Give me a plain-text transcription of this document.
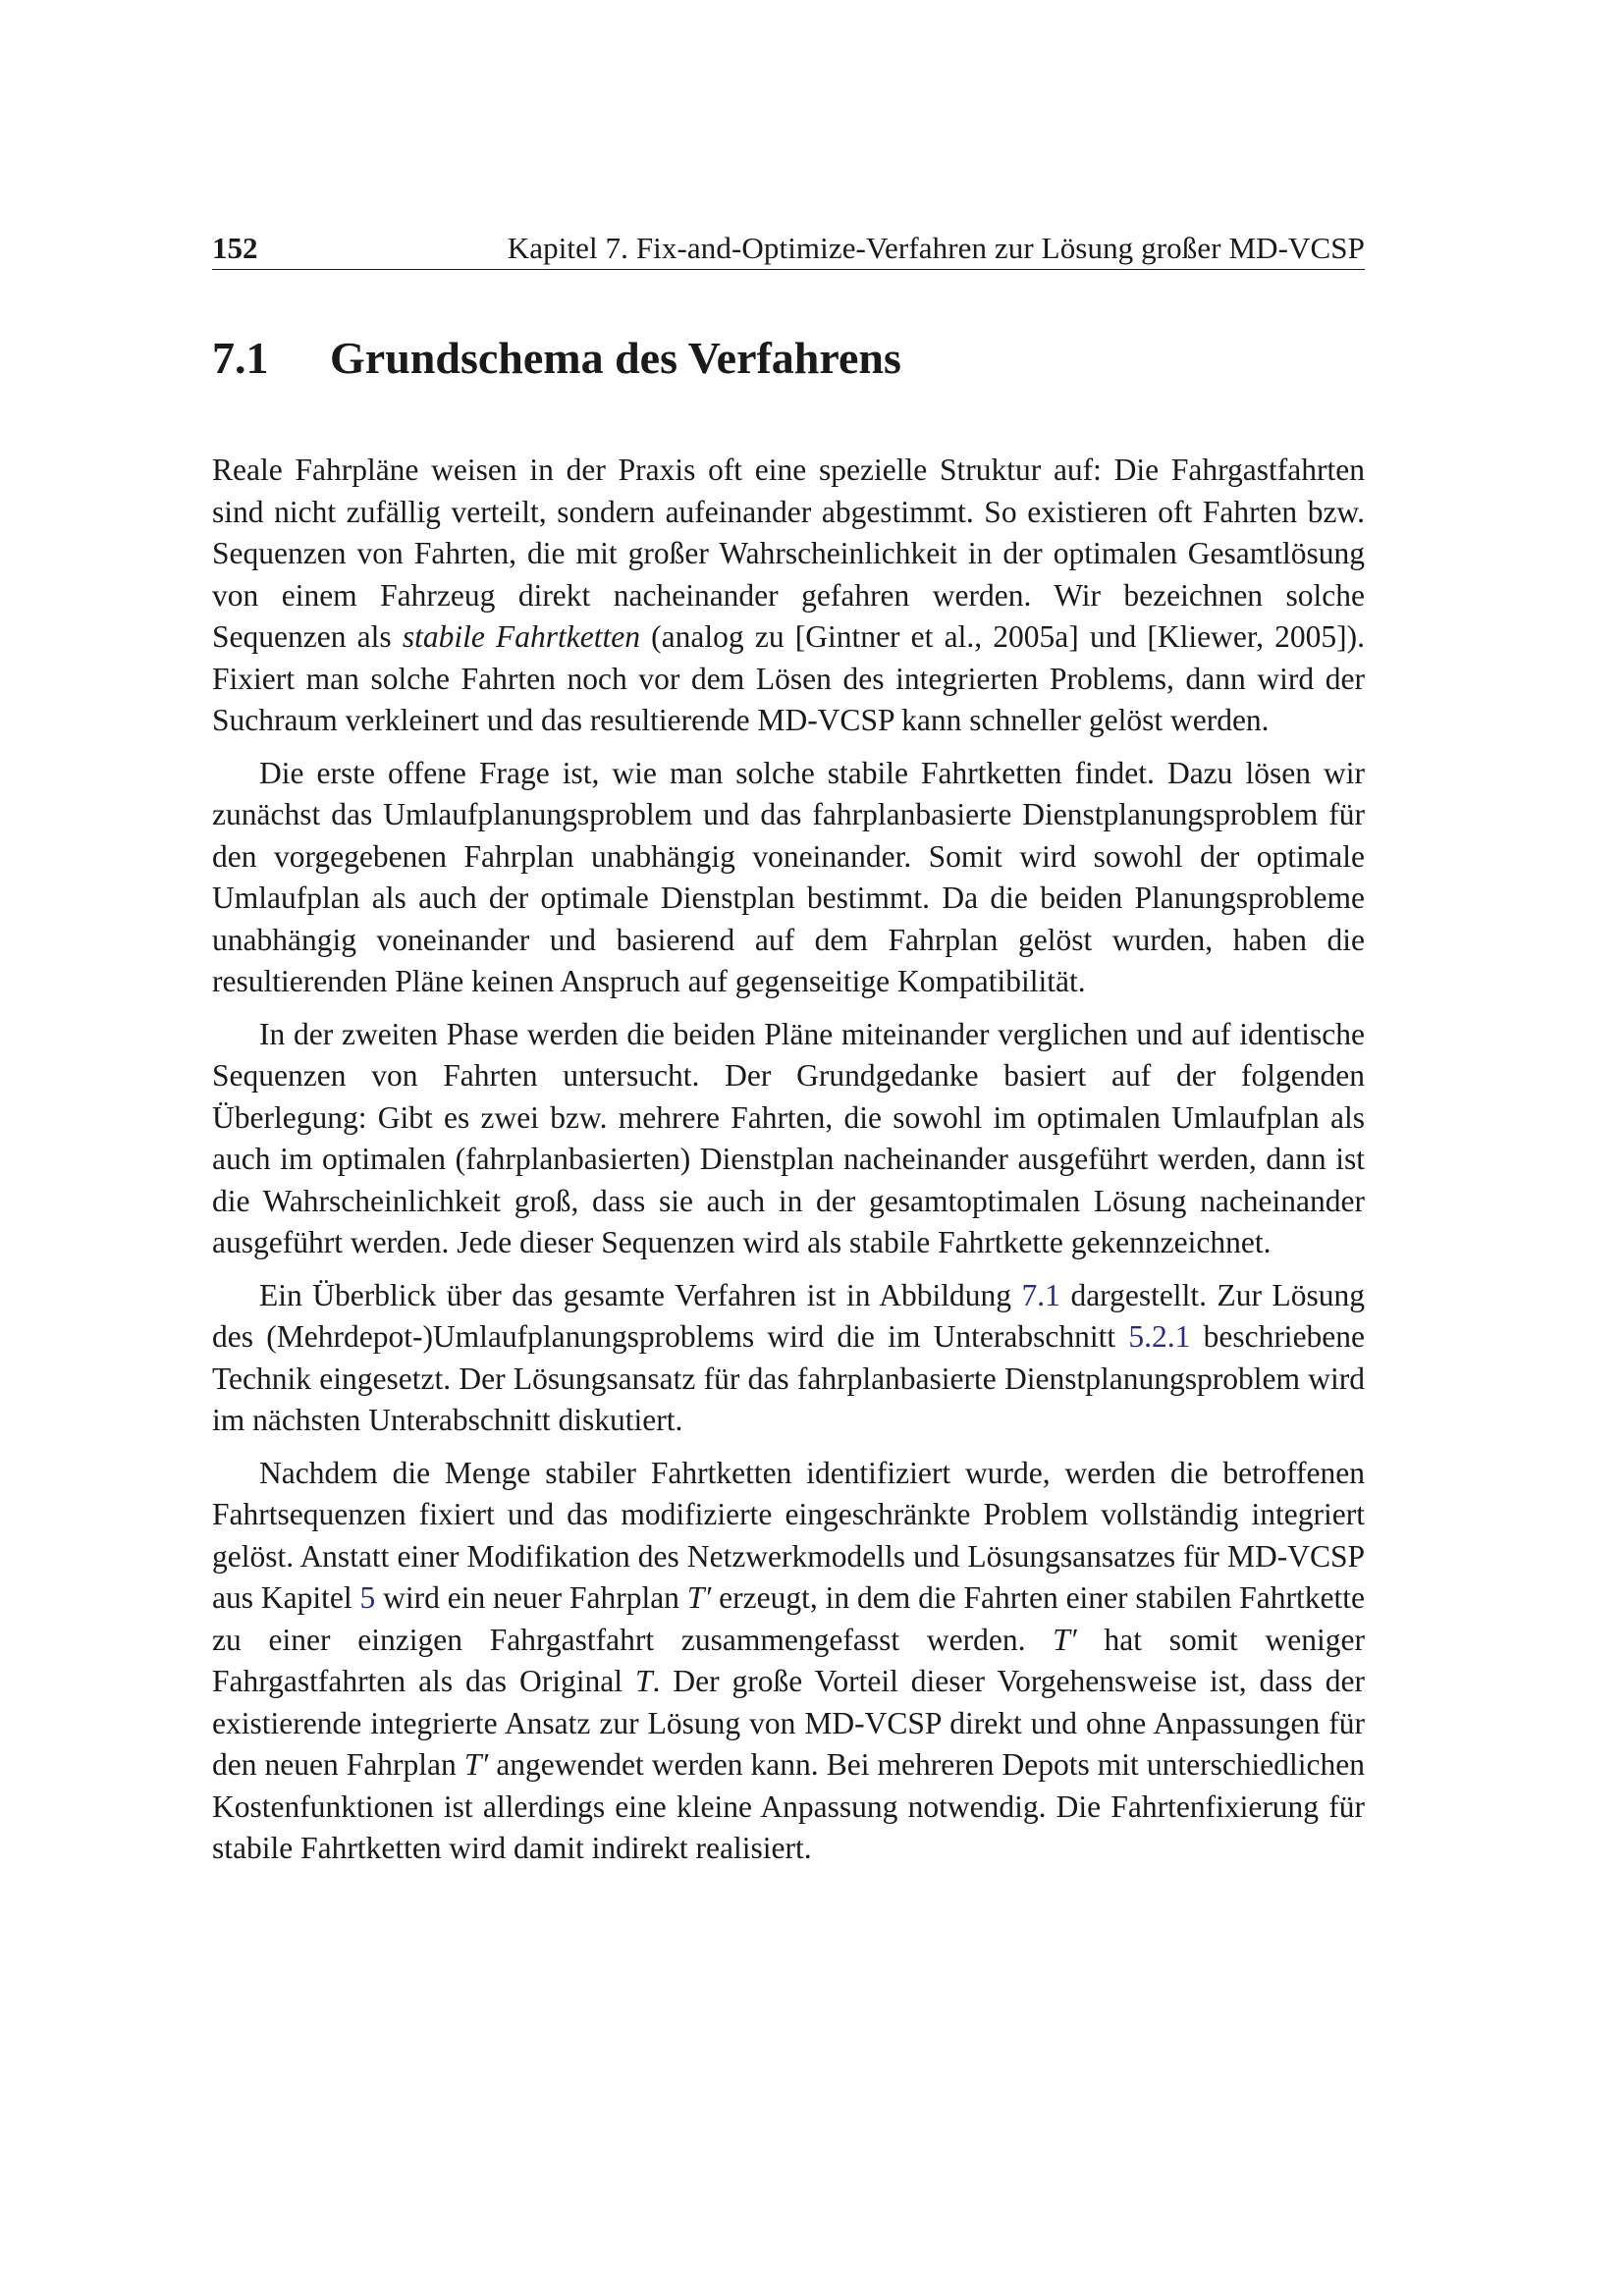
152	Kapitel 7. Fix-and-Optimize-Verfahren zur Lösung großer MD-VCSP
7.1 Grundschema des Verfahrens

Reale Fahrpläne weisen in der Praxis oft eine spezielle Struktur auf: Die Fahrgastfahrten sind nicht zufällig verteilt, sondern aufeinander abgestimmt. So existieren oft Fahrten bzw. Sequenzen von Fahrten, die mit großer Wahrscheinlichkeit in der optimalen Gesamtlösung von einem Fahrzeug direkt nacheinander gefahren werden. Wir bezeichnen solche Sequenzen als stabile Fahrtketten (analog zu [Gintner et al., 2005a] und [Kliewer, 2005]). Fixiert man solche Fahrten noch vor dem Lösen des integrierten Problems, dann wird der Suchraum verkleinert und das resultierende MD-VCSP kann schneller gelöst werden.

Die erste offene Frage ist, wie man solche stabile Fahrtketten findet. Dazu lösen wir zunächst das Umlaufplanungsproblem und das fahrplanbasierte Dienstplanungsproblem für den vorgegebenen Fahrplan unabhängig voneinander. Somit wird sowohl der optimale Umlaufplan als auch der optimale Dienstplan bestimmt. Da die beiden Planungsprobleme unabhängig voneinander und basierend auf dem Fahrplan gelöst wurden, haben die resultierenden Pläne keinen Anspruch auf gegenseitige Kompatibilität.

In der zweiten Phase werden die beiden Pläne miteinander verglichen und auf identische Sequenzen von Fahrten untersucht. Der Grundgedanke basiert auf der folgenden Überlegung: Gibt es zwei bzw. mehrere Fahrten, die sowohl im optimalen Umlaufplan als auch im optimalen (fahrplanbasierten) Dienstplan nacheinander ausgeführt werden, dann ist die Wahrscheinlichkeit groß, dass sie auch in der gesamtoptimalen Lösung nacheinander ausgeführt werden. Jede dieser Sequenzen wird als stabile Fahrtkette gekennzeichnet.

Ein Überblick über das gesamte Verfahren ist in Abbildung 7.1 dargestellt. Zur Lösung des (Mehrdepot-)Umlaufplanungsproblems wird die im Unterabschnitt 5.2.1 beschriebene Technik eingesetzt. Der Lösungsansatz für das fahrplanbasierte Dienstplanungsproblem wird im nächsten Unterabschnitt diskutiert.

Nachdem die Menge stabiler Fahrtketten identifiziert wurde, werden die betroffenen Fahrtsequenzen fixiert und das modifizierte eingeschränkte Problem vollständig integriert gelöst. Anstatt einer Modifikation des Netzwerkmodells und Lösungsansatzes für MD-VCSP aus Kapitel 5 wird ein neuer Fahrplan T′ erzeugt, in dem die Fahrten einer stabilen Fahrtkette zu einer einzigen Fahrgastfahrt zusammengefasst werden. T′ hat somit weniger Fahrgastfahrten als das Original T. Der große Vorteil dieser Vorgehensweise ist, dass der existierende integrierte Ansatz zur Lösung von MD-VCSP direkt und ohne Anpassungen für den neuen Fahrplan T′ angewendet werden kann. Bei mehreren Depots mit unterschiedlichen Kostenfunktionen ist allerdings eine kleine Anpassung notwendig. Die Fahrtenfixierung für stabile Fahrtketten wird damit indirekt realisiert.
